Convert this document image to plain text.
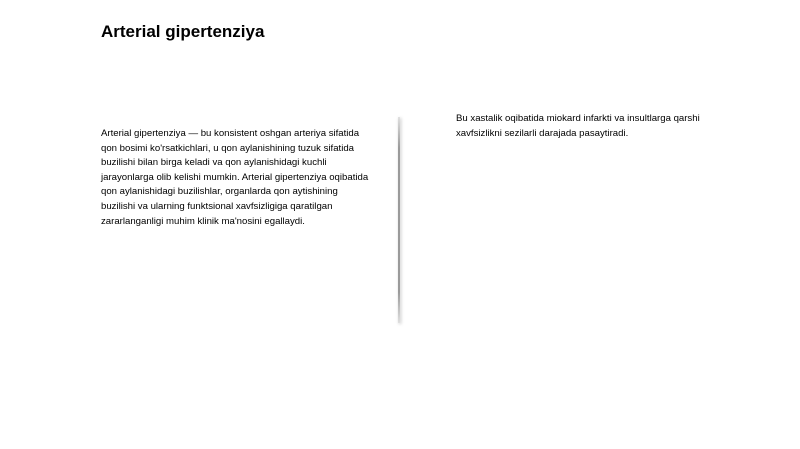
Arterial gipertenziya
Arterial gipertenziya — bu konsistent oshgan arteriya sifatida qon bosimi ko'rsatkichlari, u qon aylanishining tuzuk sifatida buzilishi bilan birga keladi va qon aylanishidagi kuchli jarayonlarga olib kelishi mumkin. Arterial gipertenziya oqibatida qon aylanishidagi buzilishlar, organlarda qon aytishining buzilishi va ularning funktsional xavfsizligiga qaratilgan zararlanganligi muhim klinik ma'nosini egallaydi.
Bu xastalik oqibatida miokard infarkti va insultlarga qarshi xavfsizlikni sezilarli darajada pasaytiradi.
